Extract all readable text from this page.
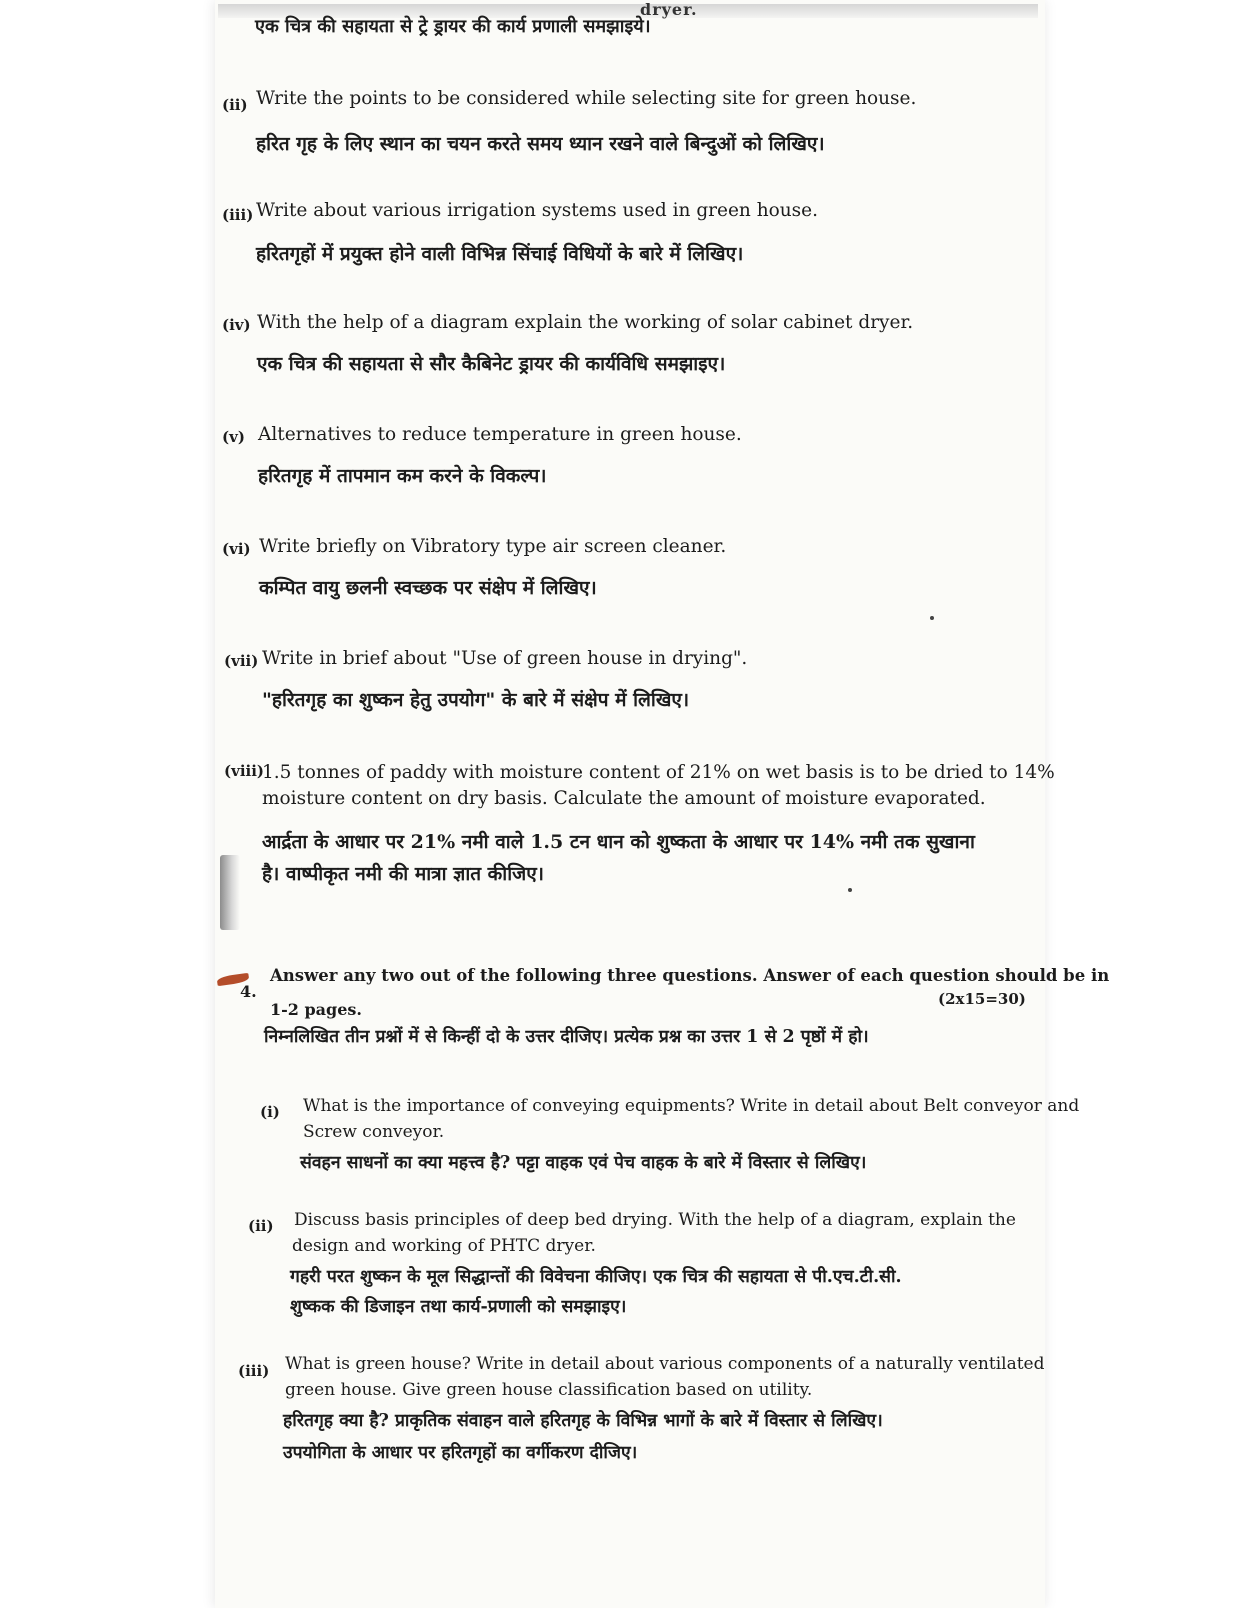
dryer.
एक चित्र की सहायता से ट्रे ड्रायर की कार्य प्रणाली समझाइये।
(ii) Write the points to be considered while selecting site for green house.
हरित गृह के लिए स्थान का चयन करते समय ध्यान रखने वाले बिन्दुओं को लिखिए।
(iii) Write about various irrigation systems used in green house.
हरितगृहों में प्रयुक्त होने वाली विभिन्न सिंचाई विधियों के बारे में लिखिए।
(iv) With the help of a diagram explain the working of solar cabinet dryer.
एक चित्र की सहायता से सौर कैबिनेट ड्रायर की कार्यविधि समझाइए।
(v) Alternatives to reduce temperature in green house.
हरितगृह में तापमान कम करने के विकल्प।
(vi) Write briefly on Vibratory type air screen cleaner.
कम्पित वायु छलनी स्वच्छक पर संक्षेप में लिखिए।
(vii) Write in brief about "Use of green house in drying".
"हरितगृह का शुष्कन हेतु उपयोग" के बारे में संक्षेप में लिखिए।
(viii)
1.5 tonnes of paddy with moisture content of 21% on wet basis is to be dried to 14%
moisture content on dry basis. Calculate the amount of moisture evaporated.
आर्द्रता के आधार पर 21% नमी वाले 1.5 टन धान को शुष्कता के आधार पर 14% नमी तक सुखाना
है। वाष्पीकृत नमी की मात्रा ज्ञात कीजिए।
4.
Answer any two out of the following three questions. Answer of each question should be in
1-2 pages.
(2x15=30)
निम्नलिखित तीन प्रश्नों में से किन्हीं दो के उत्तर दीजिए। प्रत्येक प्रश्न का उत्तर 1 से 2 पृष्ठों में हो।
(i) What is the importance of conveying equipments? Write in detail about Belt conveyor and
Screw conveyor.
संवहन साधनों का क्या महत्त्व है? पट्टा वाहक एवं पेच वाहक के बारे में विस्तार से लिखिए।
(ii) Discuss basis principles of deep bed drying. With the help of a diagram, explain the
design and working of PHTC dryer.
गहरी परत शुष्कन के मूल सिद्धान्तों की विवेचना कीजिए। एक चित्र की सहायता से पी.एच.टी.सी.
शुष्कक की डिजाइन तथा कार्य-प्रणाली को समझाइए।
(iii) What is green house? Write in detail about various components of a naturally ventilated
green house. Give green house classification based on utility.
हरितगृह क्या है? प्राकृतिक संवाहन वाले हरितगृह के विभिन्न भागों के बारे में विस्तार से लिखिए।
उपयोगिता के आधार पर हरितगृहों का वर्गीकरण दीजिए।
